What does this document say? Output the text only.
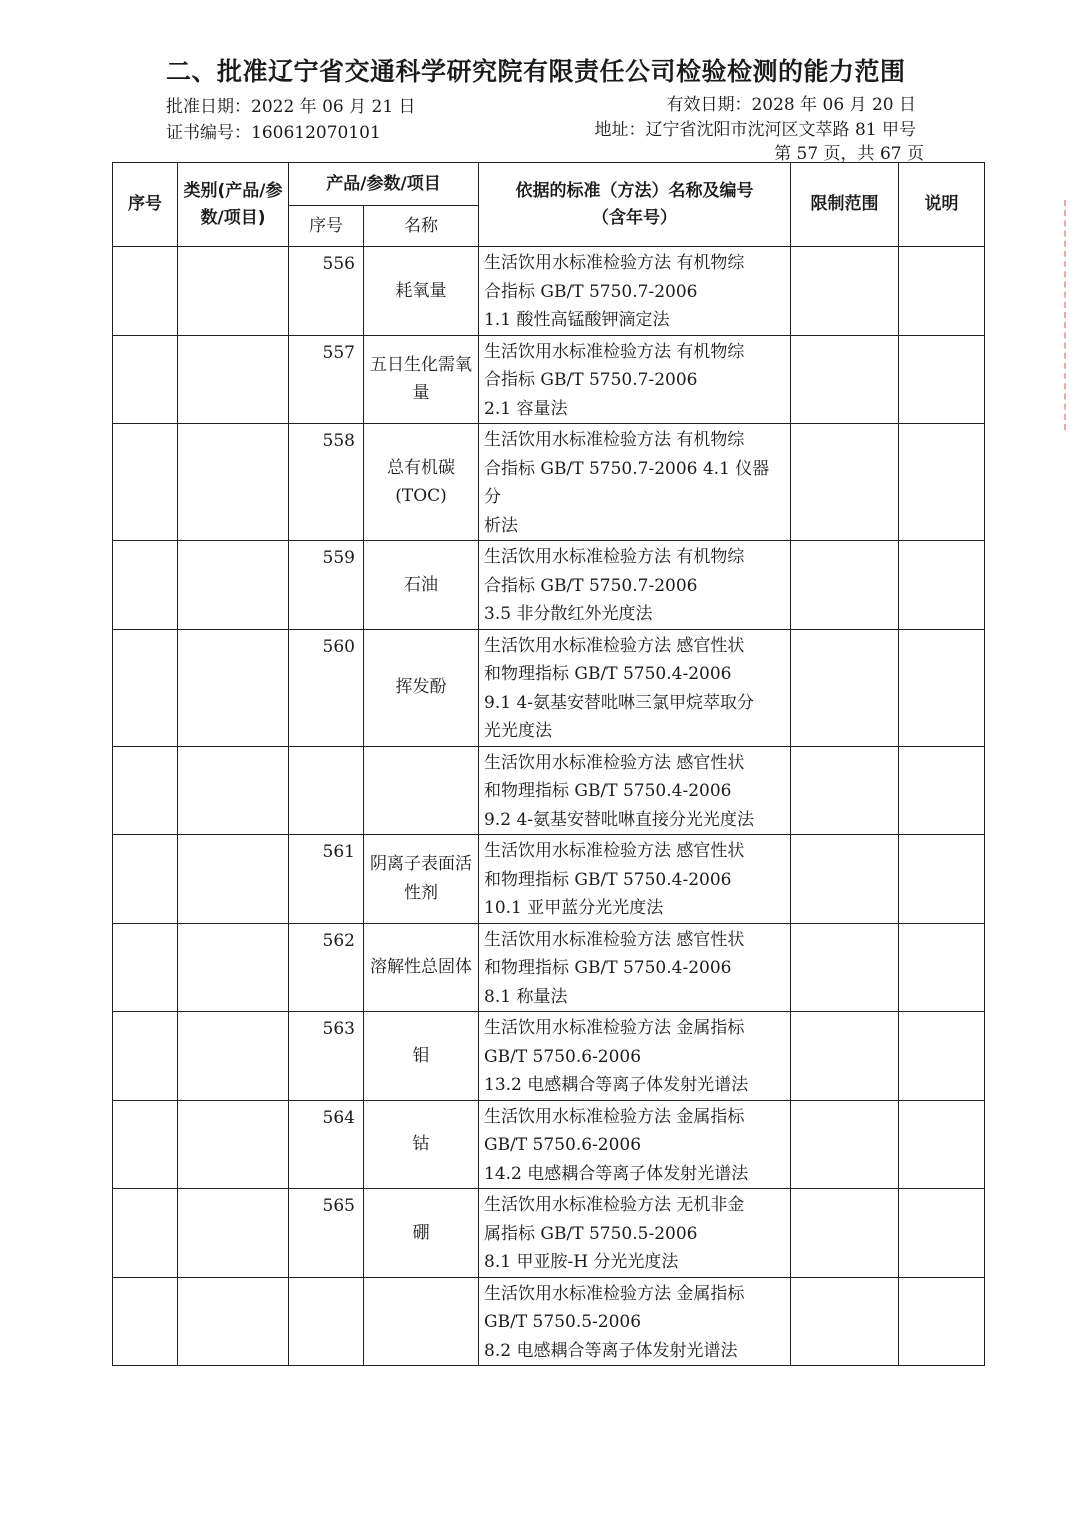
二、批准辽宁省交通科学研究院有限责任公司检验检测的能力范围
批准日期：2022 年 06 月 21 日	有效日期：2028 年 06 月 20 日
证书编号：160612070101	地址：辽宁省沈阳市沈河区文萃路 81 甲号
第 57 页，共 67 页
序号	类别(产品/参数/项目)	产品/参数/项目		依据的标准（方法）名称及编号（含年号）	限制范围	说明
		序号	名称			
		556	耗氧量	生活饮用水标准检验方法 有机物综
合指标 GB/T 5750.7-2006
1.1 酸性高锰酸钾滴定法		

		557	五日生化需氧量	生活饮用水标准检验方法 有机物综
合指标 GB/T 5750.7-2006
2.1 容量法		

		558	总有机碳 (TOC)	生活饮用水标准检验方法 有机物综
合指标 GB/T 5750.7-2006 4.1 仪器分
析法		

		559	石油	生活饮用水标准检验方法 有机物综
合指标 GB/T 5750.7-2006
3.5 非分散红外光度法		

		560	挥发酚	生活饮用水标准检验方法 感官性状
和物理指标 GB/T 5750.4-2006
9.1 4-氨基安替吡啉三氯甲烷萃取分
光光度法		

				生活饮用水标准检验方法 感官性状
和物理指标 GB/T 5750.4-2006
9.2 4-氨基安替吡啉直接分光光度法		

		561	阴离子表面活性剂	生活饮用水标准检验方法 感官性状
和物理指标 GB/T 5750.4-2006
10.1 亚甲蓝分光光度法		

		562	溶解性总固体	生活饮用水标准检验方法 感官性状
和物理指标 GB/T 5750.4-2006
8.1 称量法		

		563	钼	生活饮用水标准检验方法 金属指标
GB/T 5750.6-2006
13.2 电感耦合等离子体发射光谱法		

		564	钴	生活饮用水标准检验方法 金属指标
GB/T 5750.6-2006
14.2 电感耦合等离子体发射光谱法		

		565	硼	生活饮用水标准检验方法 无机非金
属指标 GB/T 5750.5-2006
8.1 甲亚胺-H 分光光度法		

				生活饮用水标准检验方法 金属指标
GB/T 5750.5-2006
8.2 电感耦合等离子体发射光谱法		
